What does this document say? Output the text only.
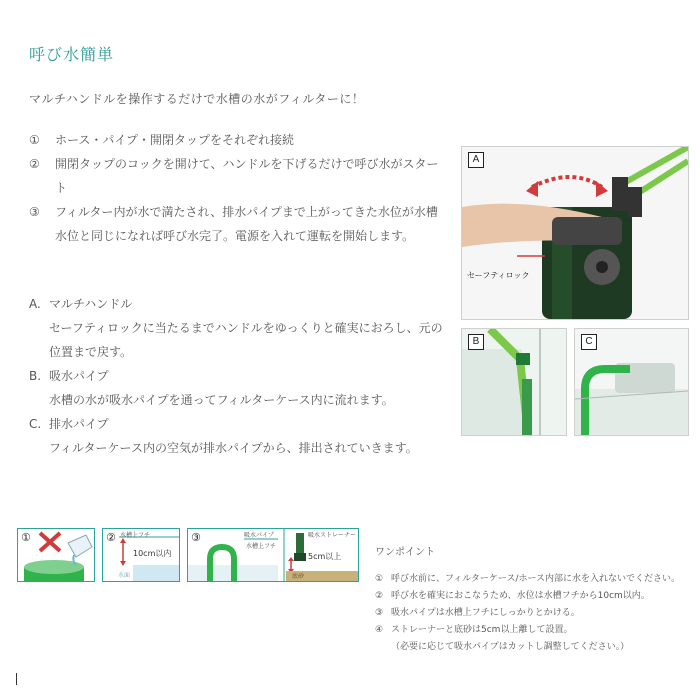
呼び水簡単
マルチハンドルを操作するだけで水槽の水がフィルターに！
①	ホース・パイプ・開閉タップをそれぞれ接続
②	開閉タップのコックを開けて、ハンドルを下げるだけで呼び水がスタート
③	フィルター内が水で満たされ、排水パイプまで上がってきた水位が水槽水位と同じになれば呼び水完了。電源を入れて運転を開始します。
A. マルチハンドル
セーフティロックに当たるまでハンドルをゆっくりと確実におろし、元の位置まで戻す。
B. 吸水パイプ
水槽の水が吸水パイプを通ってフィルターケース内に流れます。
C. 排水パイプ
フィルターケース内の空気が排水パイプから、排出されていきます。
A
セーフティロック
B	C
①	② 水槽上フチ
10cm以内
水面
③	吸水パイプ
水槽上フチ
吸水ストレーナー
5cm以上
底砂
ワンポイント
① 呼び水前に、フィルターケース/ホース内部に水を入れないでください。
② 呼び水を確実におこなうため、水位は水槽フチから10cm以内。
③ 吸水パイプは水槽上フチにしっかりとかける。
④ ストレーナーと底砂は5cm以上離して設置。
（必要に応じて吸水パイプはカットし調整してください。）
